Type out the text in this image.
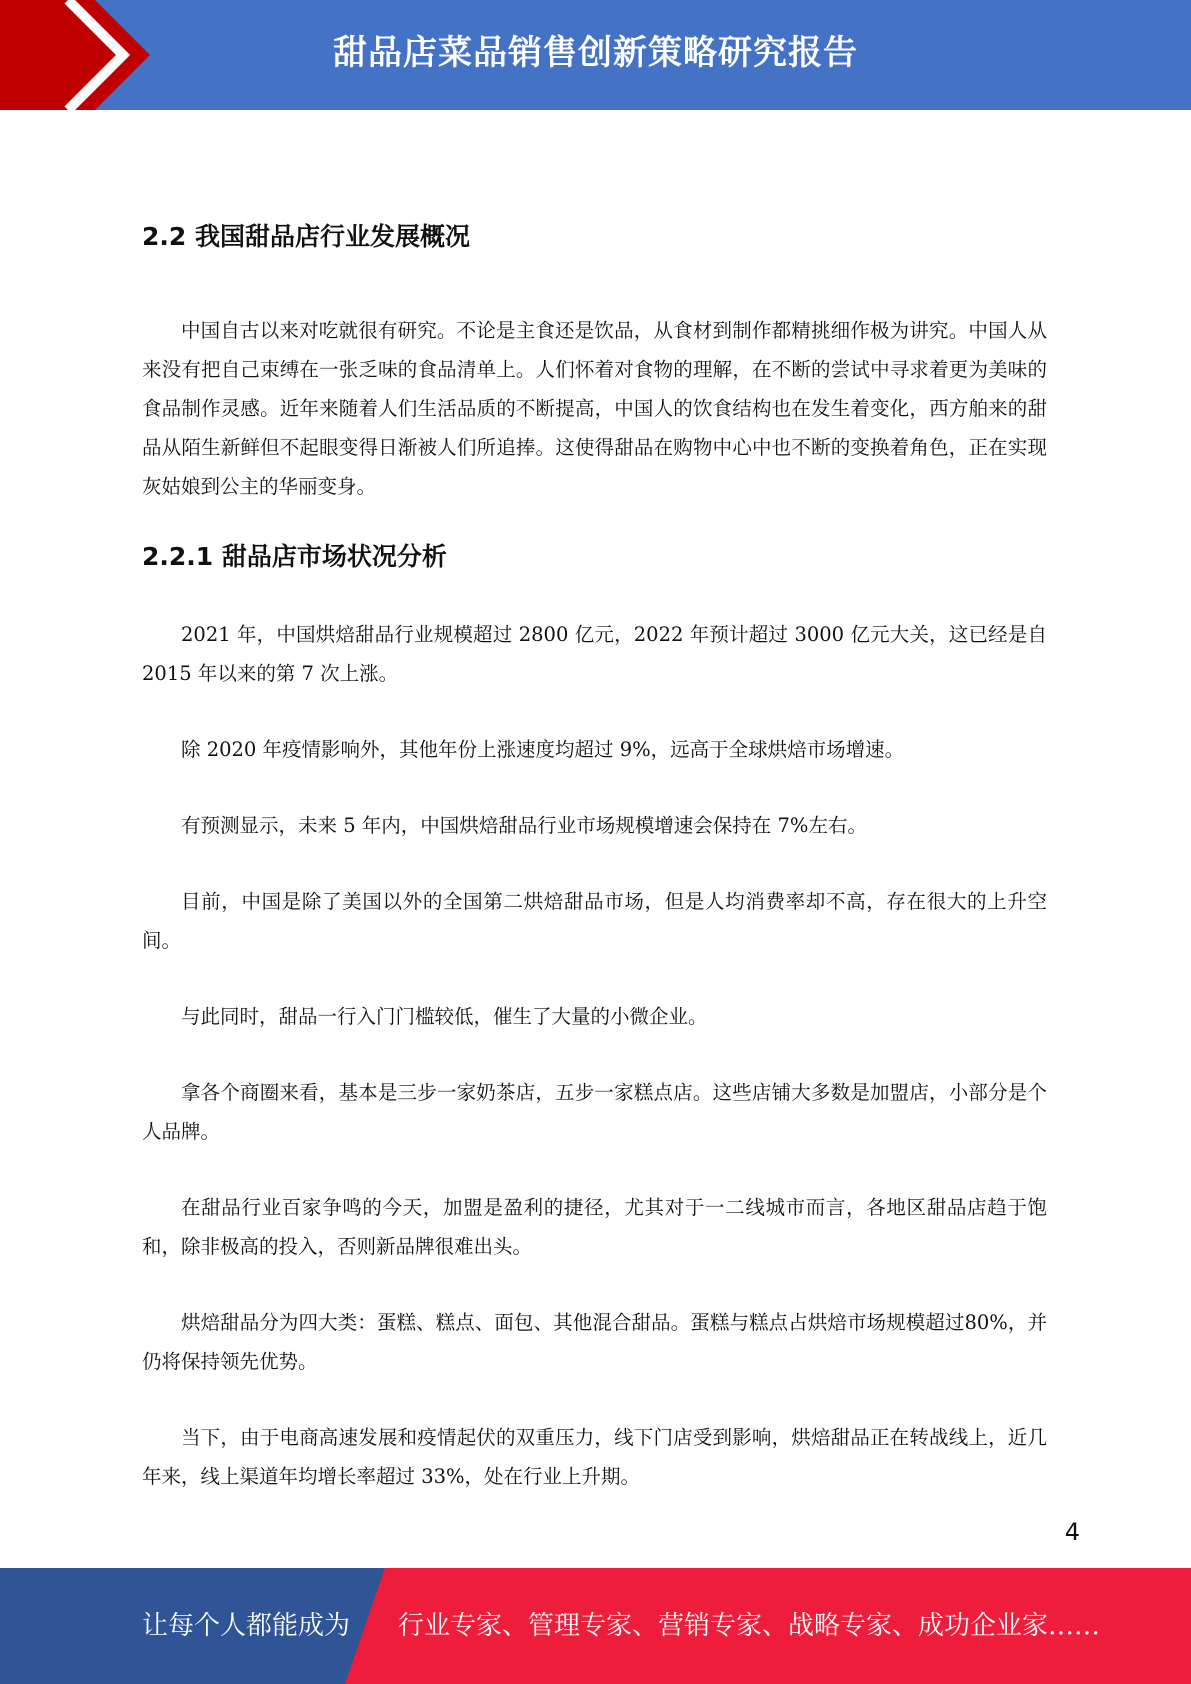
甜品店菜品销售创新策略研究报告
2.2 我国甜品店行业发展概况

中国自古以来对吃就很有研究。不论是主食还是饮品，从食材到制作都精挑细作极为讲究。中国人从来没有把自己束缚在一张乏味的食品清单上。人们怀着对食物的理解，在不断的尝试中寻求着更为美味的食品制作灵感。近年来随着人们生活品质的不断提高，中国人的饮食结构也在发生着变化，西方舶来的甜品从陌生新鲜但不起眼变得日渐被人们所追捧。这使得甜品在购物中心中也不断的变换着角色，正在实现灰姑娘到公主的华丽变身。

2.2.1 甜品店市场状况分析

2021 年，中国烘焙甜品行业规模超过 2800 亿元，2022 年预计超过 3000 亿元大关，这已经是自 2015 年以来的第 7 次上涨。

除 2020 年疫情影响外，其他年份上涨速度均超过 9%，远高于全球烘焙市场增速。

有预测显示，未来 5 年内，中国烘焙甜品行业市场规模增速会保持在 7%左右。

目前，中国是除了美国以外的全国第二烘焙甜品市场，但是人均消费率却不高，存在很大的上升空间。

与此同时，甜品一行入门门槛较低，催生了大量的小微企业。

拿各个商圈来看，基本是三步一家奶茶店，五步一家糕点店。这些店铺大多数是加盟店，小部分是个人品牌。

在甜品行业百家争鸣的今天，加盟是盈利的捷径，尤其对于一二线城市而言，各地区甜品店趋于饱和，除非极高的投入，否则新品牌很难出头。

烘焙甜品分为四大类：蛋糕、糕点、面包、其他混合甜品。蛋糕与糕点占烘焙市场规模超过80%，并仍将保持领先优势。

当下，由于电商高速发展和疫情起伏的双重压力，线下门店受到影响，烘焙甜品正在转战线上，近几年来，线上渠道年均增长率超过 33%，处在行业上升期。

4
让每个人都能成为 行业专家、管理专家、营销专家、战略专家、成功企业家……
